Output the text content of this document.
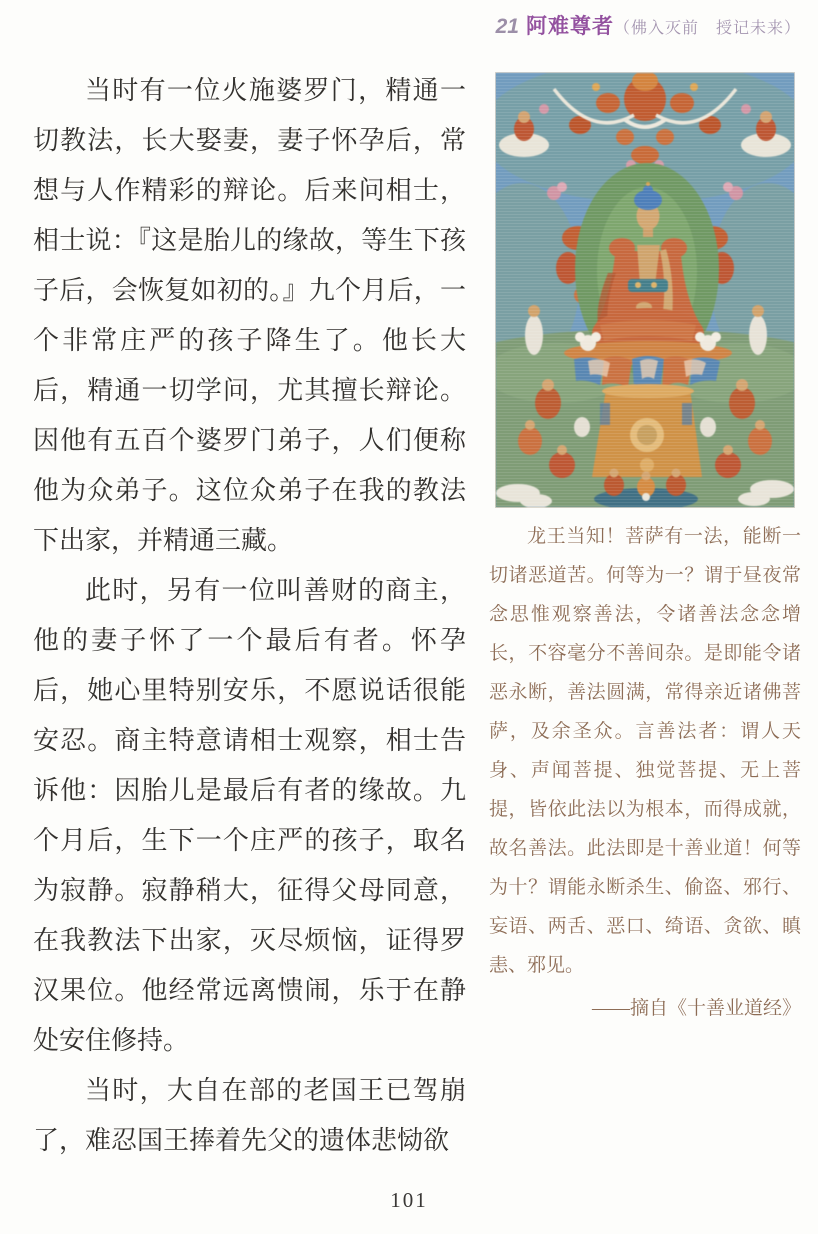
21 阿难尊者（佛入灭前　授记未来）

当时有一位火施婆罗门，精通一切教法，长大娶妻，妻子怀孕后，常想与人作精彩的辩论。后来问相士，相士说：『这是胎儿的缘故，等生下孩子后，会恢复如初的。』九个月后，一个非常庄严的孩子降生了。他长大后，精通一切学问，尤其擅长辩论。因他有五百个婆罗门弟子，人们便称他为众弟子。这位众弟子在我的教法下出家，并精通三藏。

此时，另有一位叫善财的商主，他的妻子怀了一个最后有者。怀孕后，她心里特别安乐，不愿说话很能安忍。商主特意请相士观察，相士告诉他：因胎儿是最后有者的缘故。九个月后，生下一个庄严的孩子，取名为寂静。寂静稍大，征得父母同意，在我教法下出家，灭尽烦恼，证得罗汉果位。他经常远离愦闹，乐于在静处安住修持。

当时，大自在部的老国王已驾崩了，难忍国王捧着先父的遗体悲恸欲

龙王当知！菩萨有一法，能断一切诸恶道苦。何等为一？谓于昼夜常念思惟观察善法，令诸善法念念增长，不容毫分不善间杂。是即能令诸恶永断，善法圆满，常得亲近诸佛菩萨，及余圣众。言善法者：谓人天身、声闻菩提、独觉菩提、无上菩提，皆依此法以为根本，而得成就，故名善法。此法即是十善业道！何等为十？谓能永断杀生、偷盗、邪行、妄语、两舌、恶口、绮语、贪欲、瞋恚、邪见。

——摘自《十善业道经》

101
